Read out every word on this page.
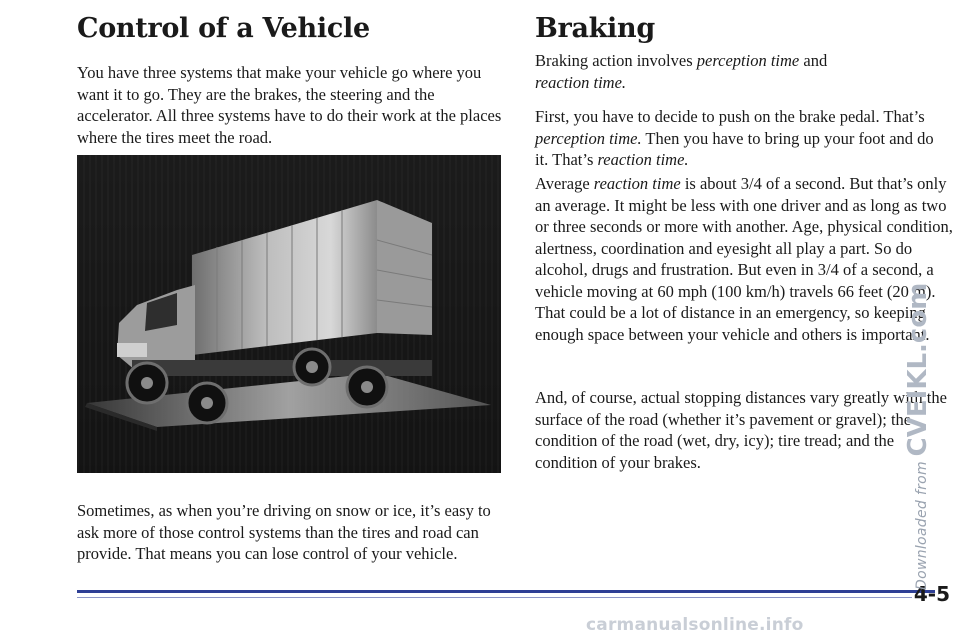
Control of a Vehicle

You have three systems that make your vehicle go where you want it to go. They are the brakes, the steering and the accelerator. All three systems have to do their work at the places where the tires meet the road.

Sometimes, as when you’re driving on snow or ice, it’s easy to ask more of those control systems than the tires and road can provide. That means you can lose control of your vehicle.

Braking

Braking action involves perception time and
reaction time.

First, you have to decide to push on the brake pedal. That’s perception time. Then you have to bring up your foot and do it. That’s reaction time.

Average reaction time is about 3/4 of a second. But that’s only an average. It might be less with one driver and as long as two or three seconds or more with another. Age, physical condition, alertness, coordination and eyesight all play a part. So do alcohol, drugs and frustration. But even in 3/4 of a second, a vehicle moving at 60 mph (100 km/h) travels 66 feet (20 m). That could be a lot of distance in an emergency, so keeping enough space between your vehicle and others is important.

And, of course, actual stopping distances vary greatly with the surface of the road (whether it’s pavement or gravel); the condition of the road (wet, dry, icy); tire tread; and the condition of your brakes.

4-5

Downloaded from CVEIKL.com

carmanualsonline.info
